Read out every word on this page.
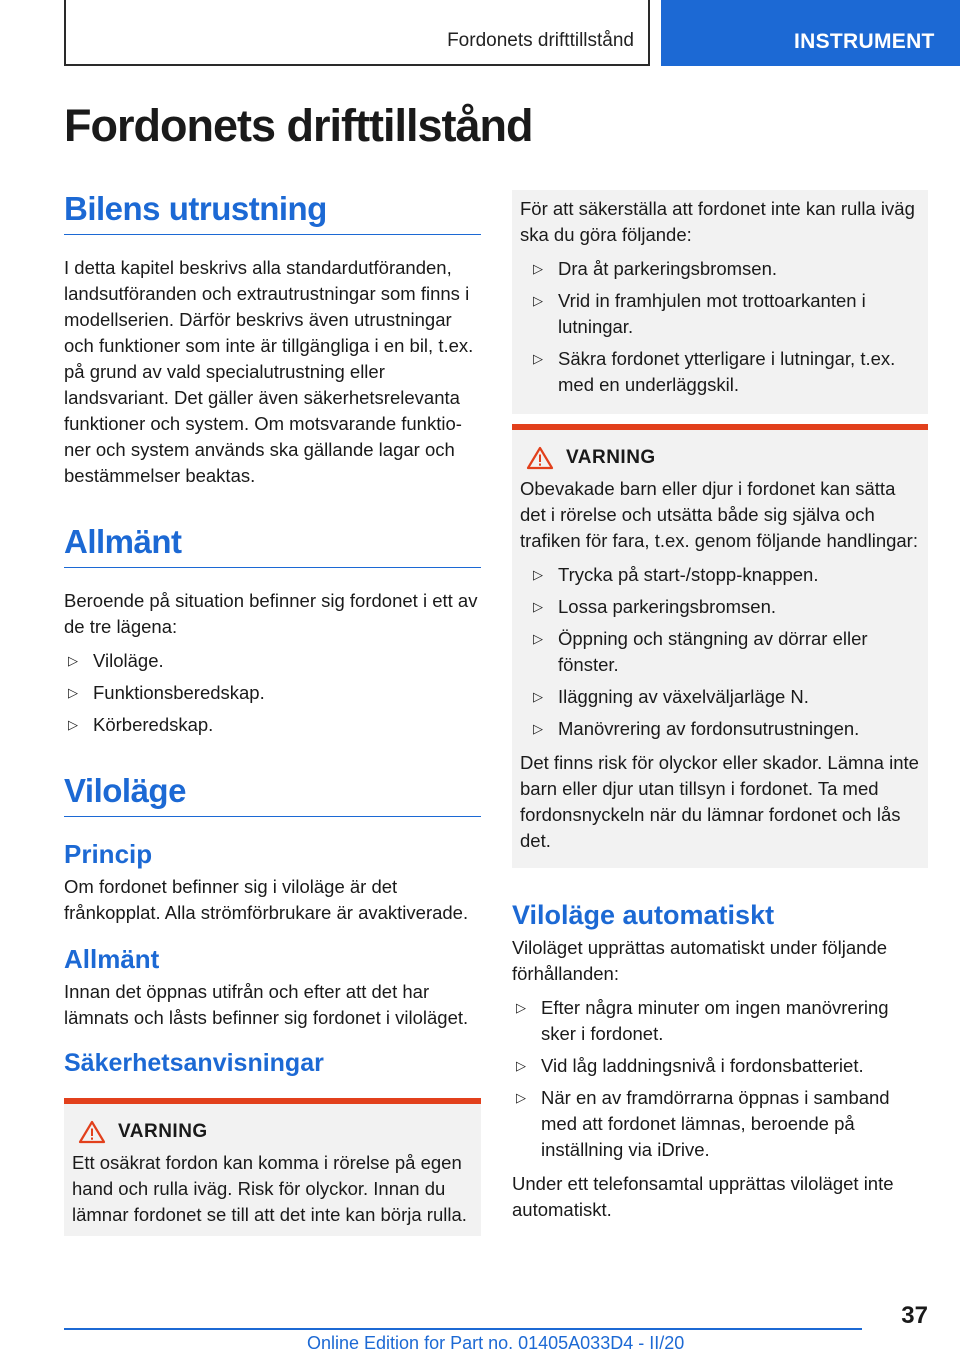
Fordonets drifttillstånd	INSTRUMENT
Fordonets drifttillstånd
Bilens utrustning

I detta kapitel beskrivs alla standardutföranden, landsutföranden och extrautrustningar som finns i modellserien. Därför beskrivs även utrustningar och funktioner som inte är tillgängliga i en bil, t.ex. på grund av vald specialutrustning eller landsvariant. Det gäller även säkerhetsrelevanta funktioner och system. Om motsvarande funktioner och system används ska gällande lagar och bestämmelser beaktas.

Allmänt

Beroende på situation befinner sig fordonet i ett av de tre lägena:

▷ Viloläge.
▷ Funktionsberedskap.
▷ Körberedskap.
Viloläge
Princip

Om fordonet befinner sig i viloläge är det frånkopplat. Alla strömförbrukare är avaktiverade.

Allmänt

Innan det öppnas utifrån och efter att det har lämnats och låsts befinner sig fordonet i viloläget.

Säkerhetsanvisningar
VARNING

Ett osäkrat fordon kan komma i rörelse på egen hand och rulla iväg. Risk för olyckor. Innan du lämnar fordonet se till att det inte kan börja rulla.

För att säkerställa att fordonet inte kan rulla iväg ska du göra följande:

▷ Dra åt parkeringsbromsen.
▷ Vrid in framhjulen mot trottoarkanten i lutningar.
▷ Säkra fordonet ytterligare i lutningar, t.ex. med en underläggskil.
VARNING

Obevakade barn eller djur i fordonet kan sätta det i rörelse och utsätta både sig själva och trafiken för fara, t.ex. genom följande handlingar:

▷ Trycka på start-/stopp-knappen.
▷ Lossa parkeringsbromsen.
▷ Öppning och stängning av dörrar eller fönster.
▷ Iläggning av växelväljarläge N.
▷ Manövrering av fordonsutrustningen.

Det finns risk för olyckor eller skador. Lämna inte barn eller djur utan tillsyn i fordonet. Ta med fordonsnyckeln när du lämnar fordonet och lås det.

Viloläge automatiskt

Viloläget upprättas automatiskt under följande förhållanden:

▷ Efter några minuter om ingen manövrering sker i fordonet.
▷ Vid låg laddningsnivå i fordonsbatteriet.
▷ När en av framdörrarna öppnas i samband med att fordonet lämnas, beroende på inställning via iDrive.

Under ett telefonsamtal upprättas viloläget inte automatiskt.

37
Online Edition for Part no. 01405A033D4 - II/20
